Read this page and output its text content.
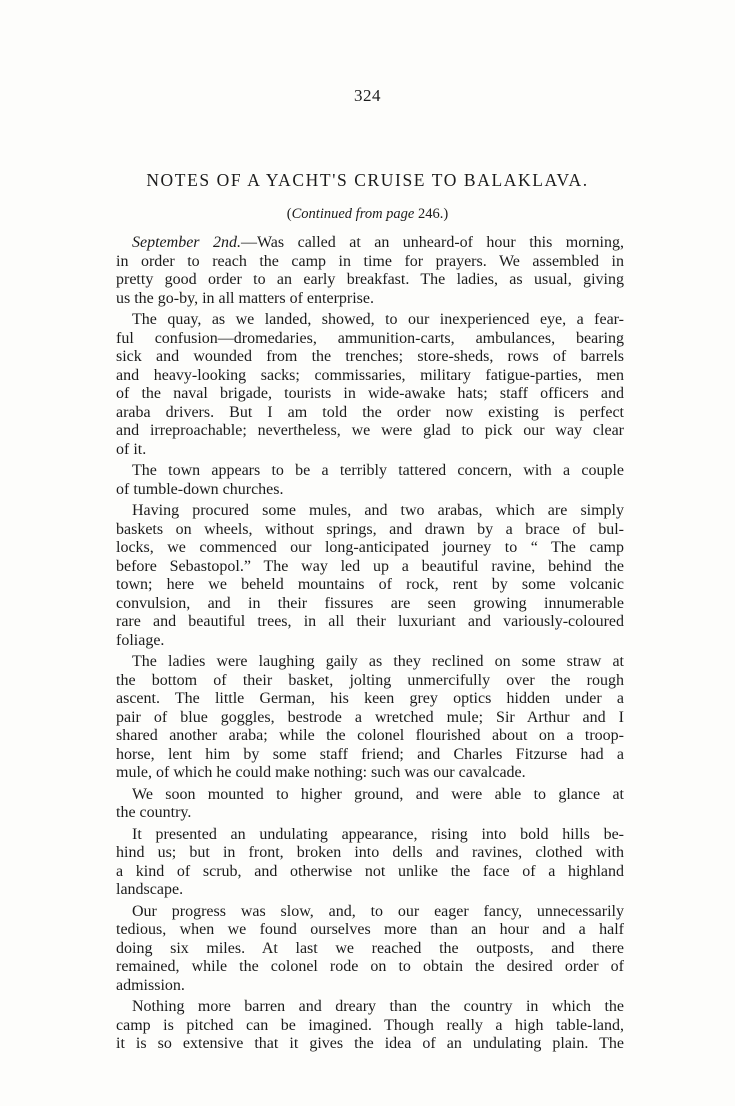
324
NOTES OF A YACHT'S CRUISE TO BALAKLAVA.
(Continued from page 246.)

September 2nd.—Was called at an unheard-of hour this morning,
in order to reach the camp in time for prayers. We assembled in
pretty good order to an early breakfast. The ladies, as usual, giving
us the go-by, in all matters of enterprise.

The quay, as we landed, showed, to our inexperienced eye, a fear-
ful confusion—dromedaries, ammunition-carts, ambulances, bearing
sick and wounded from the trenches; store-sheds, rows of barrels
and heavy-looking sacks; commissaries, military fatigue-parties, men
of the naval brigade, tourists in wide-awake hats; staff officers and
araba drivers. But I am told the order now existing is perfect
and irreproachable; nevertheless, we were glad to pick our way clear
of it.

The town appears to be a terribly tattered concern, with a couple
of tumble-down churches.

Having procured some mules, and two arabas, which are simply
baskets on wheels, without springs, and drawn by a brace of bul-
locks, we commenced our long-anticipated journey to “ The camp
before Sebastopol.” The way led up a beautiful ravine, behind the
town; here we beheld mountains of rock, rent by some volcanic
convulsion, and in their fissures are seen growing innumerable
rare and beautiful trees, in all their luxuriant and variously-coloured
foliage.

The ladies were laughing gaily as they reclined on some straw at
the bottom of their basket, jolting unmercifully over the rough
ascent. The little German, his keen grey optics hidden under a
pair of blue goggles, bestrode a wretched mule; Sir Arthur and I
shared another araba; while the colonel flourished about on a troop-
horse, lent him by some staff friend; and Charles Fitzurse had a
mule, of which he could make nothing: such was our cavalcade.

We soon mounted to higher ground, and were able to glance at
the country.

It presented an undulating appearance, rising into bold hills be-
hind us; but in front, broken into dells and ravines, clothed with
a kind of scrub, and otherwise not unlike the face of a highland
landscape.

Our progress was slow, and, to our eager fancy, unnecessarily
tedious, when we found ourselves more than an hour and a half
doing six miles. At last we reached the outposts, and there
remained, while the colonel rode on to obtain the desired order of
admission.

Nothing more barren and dreary than the country in which the
camp is pitched can be imagined. Though really a high table-land,
it is so extensive that it gives the idea of an undulating plain. The
